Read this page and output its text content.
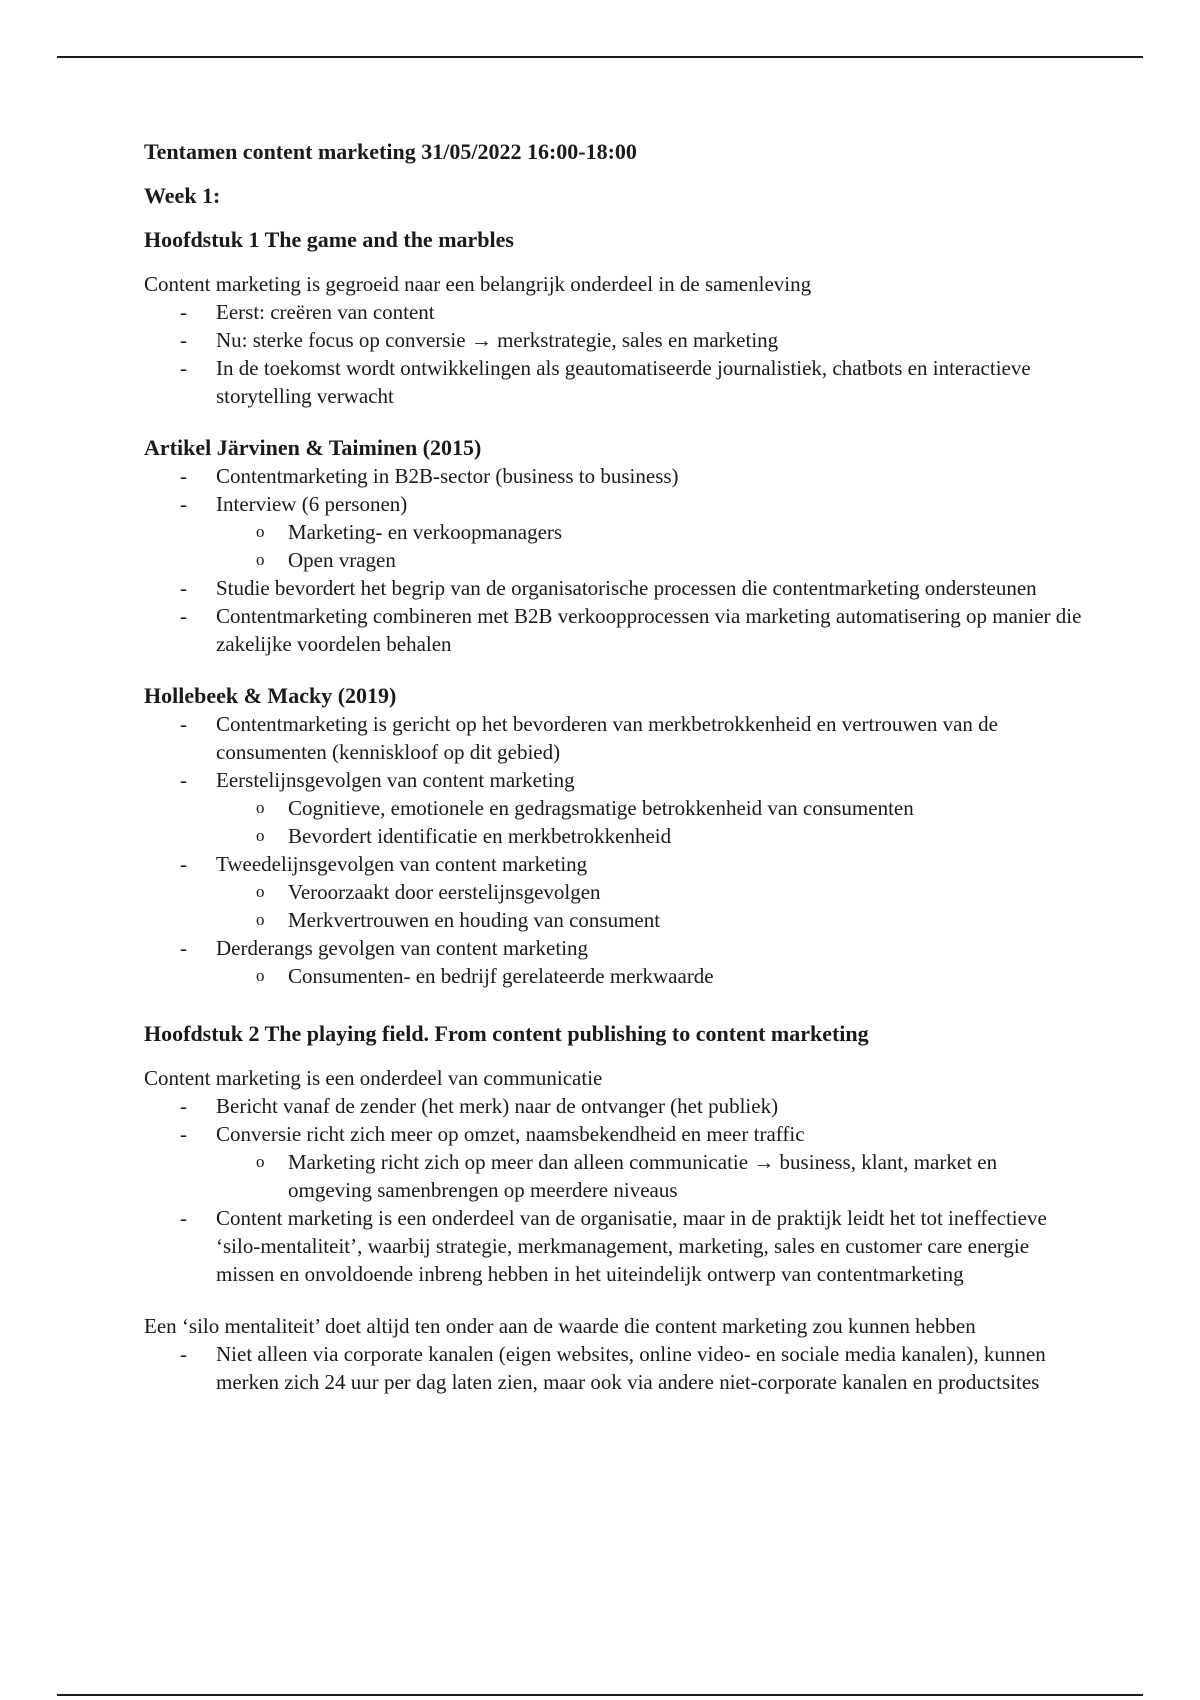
Tentamen content marketing 31/05/2022 16:00-18:00

Week 1:

Hoofdstuk 1 The game and the marbles

Content marketing is gegroeid naar een belangrijk onderdeel in de samenleving

- Eerst: creëren van content
- Nu: sterke focus op conversie → merkstrategie, sales en marketing
- In de toekomst wordt ontwikkelingen als geautomatiseerde journalistiek, chatbots en interactieve storytelling verwacht

Artikel Järvinen & Taiminen (2015)

- Contentmarketing in B2B-sector (business to business)
- Interview (6 personen)
o Marketing- en verkoopmanagers
o Open vragen
- Studie bevordert het begrip van de organisatorische processen die contentmarketing ondersteunen
- Contentmarketing combineren met B2B verkoopprocessen via marketing automatisering op manier die zakelijke voordelen behalen

Hollebeek & Macky (2019)

- Contentmarketing is gericht op het bevorderen van merkbetrokkenheid en vertrouwen van de consumenten (kenniskloof op dit gebied)
- Eerstelijnsgevolgen van content marketing
o Cognitieve, emotionele en gedragsmatige betrokkenheid van consumenten
o Bevordert identificatie en merkbetrokkenheid
- Tweedelijnsgevolgen van content marketing
o Veroorzaakt door eerstelijnsgevolgen
o Merkvertrouwen en houding van consument
- Derderangs gevolgen van content marketing
o Consumenten- en bedrijf gerelateerde merkwaarde

Hoofdstuk 2 The playing field. From content publishing to content marketing

Content marketing is een onderdeel van communicatie

- Bericht vanaf de zender (het merk) naar de ontvanger (het publiek)
- Conversie richt zich meer op omzet, naamsbekendheid en meer traffic
o Marketing richt zich op meer dan alleen communicatie → business, klant, market en omgeving samenbrengen op meerdere niveaus
- Content marketing is een onderdeel van de organisatie, maar in de praktijk leidt het tot ineffectieve ‘silo-mentaliteit’, waarbij strategie, merkmanagement, marketing, sales en customer care energie missen en onvoldoende inbreng hebben in het uiteindelijk ontwerp van contentmarketing

Een ‘silo mentaliteit’ doet altijd ten onder aan de waarde die content marketing zou kunnen hebben

- Niet alleen via corporate kanalen (eigen websites, online video- en sociale media kanalen), kunnen merken zich 24 uur per dag laten zien, maar ook via andere niet-corporate kanalen en productsites
